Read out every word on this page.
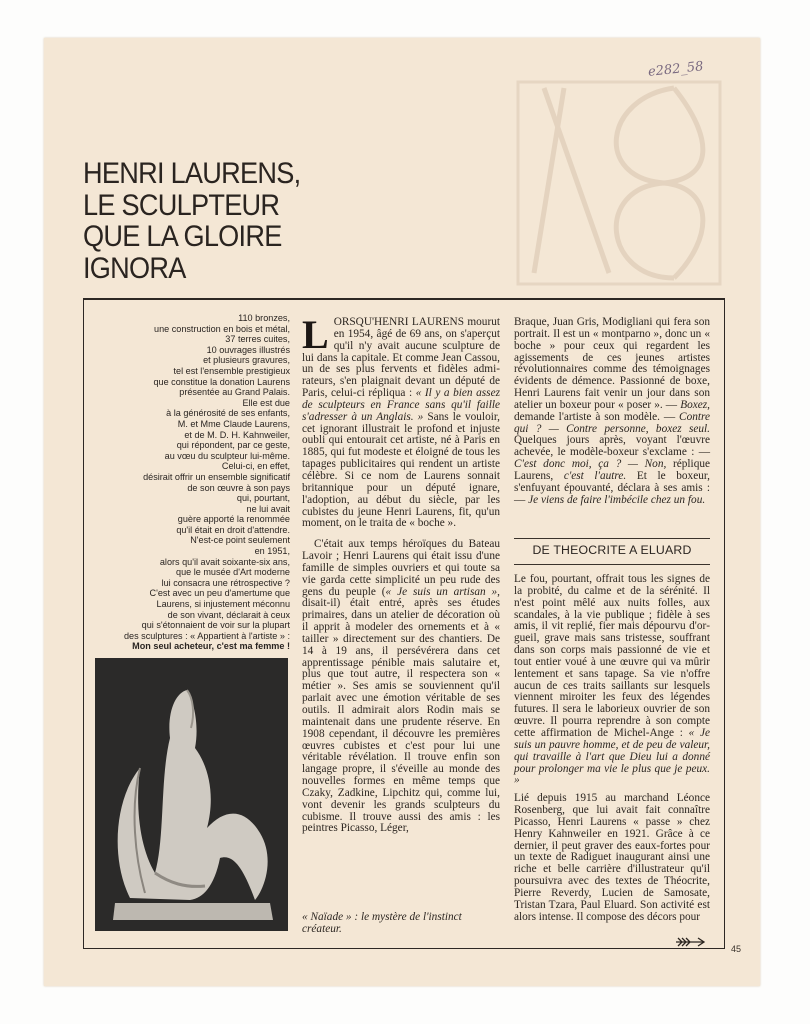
e282_58
HENRI LAURENS,
LE SCULPTEUR
QUE LA GLOIRE
IGNORA
110 bronzes,
une construction en bois et métal,
37 terres cuites,
10 ouvrages illustrés
et plusieurs gravures,
tel est l'ensemble prestigieux
que constitue la donation Laurens
présentée au Grand Palais.
Elle est due
à la générosité de ses enfants,
M. et Mme Claude Laurens,
et de M. D. H. Kahnweiler,
qui répondent, par ce geste,
au vœu du sculpteur lui-même.
Celui-ci, en effet,
désirait offrir un ensemble significatif
de son œuvre à son pays
qui, pourtant,
ne lui avait
guère apporté la renommée
qu'il était en droit d'attendre.
N'est-ce point seulement
en 1951,
alors qu'il avait soixante-six ans,
que le musée d'Art moderne
lui consacra une rétrospective ?
C'est avec un peu d'amertume que
Laurens, si injustement méconnu
de son vivant, déclarait à ceux
qui s'étonnaient de voir sur la plupart
des sculptures : « Appartient à l'artiste » :
Mon seul acheteur, c'est ma femme !

L ORSQU'HENRI LAURENS mourut en 1954, âgé de 69 ans, on s'aperçut qu'il n'y avait aucune sculpture de lui dans la capitale. Et comme Jean Cassou, un de ses plus fervents et fidèles admirateurs, s'en plaignait devant un député de Paris, celui-ci répliqua : « Il y a bien assez de sculpteurs en France sans qu'il faille s'adresser à un Anglais. » Sans le vouloir, cet ignorant illustrait le profond et injuste oubli qui entourait cet artiste, né à Paris en 1885, qui fut modeste et éloigné de tous les tapages publicitaires qui rendent un artiste célèbre. Si ce nom de Laurens sonnait britannique pour un député ignare, l'adoption, au début du siècle, par les cubistes du jeune Henri Laurens, fit, qu'un moment, on le traita de « boche ».

C'était aux temps héroïques du Bateau Lavoir ; Henri Laurens qui était issu d'une famille de simples ouvriers et qui toute sa vie garda cette simplicité un peu rude des gens du peuple (« Je suis un artisan », disait-il) était entré, après ses études primaires, dans un atelier de décoration où il apprit à modeler des ornements et à « tailler » directement sur des chantiers. De 14 à 19 ans, il persévérera dans cet apprentissage pénible mais salutaire et, plus que tout autre, il respectera son « métier ». Ses amis se souviennent qu'il parlait avec une émotion véritable de ses outils. Il admirait alors Rodin mais se maintenait dans une prudente réserve. En 1908 cependant, il découvre les premières œuvres cubistes et c'est pour lui une véritable révélation. Il trouve enfin son langage propre, il s'éveille au monde des nouvelles formes en même temps que Czaky, Zadkine, Lipchitz qui, comme lui, vont devenir les grands sculpteurs du cubisme. Il trouve aussi des amis : les peintres Picasso, Léger,

« Naïade » : le mystère de l'instinct créateur.

Braque, Juan Gris, Modigliani qui fera son portrait. Il est un « montparno », donc un « boche » pour ceux qui regardent les agissements de ces jeunes artistes révolutionnaires comme des témoignages évidents de démence. Passionné de boxe, Henri Laurens fait venir un jour dans son atelier un boxeur pour « poser ». — Boxez, demande l'artiste à son modèle. — Contre qui ? — Contre personne, boxez seul. Quelques jours après, voyant l'œuvre achevée, le modèle-boxeur s'exclame : — C'est donc moi, ça ? — Non, réplique Laurens, c'est l'autre. Et le boxeur, s'enfuyant épouvanté, déclara à ses amis : — Je viens de faire l'imbécile chez un fou.

DE THEOCRITE A ELUARD

Le fou, pourtant, offrait tous les signes de la probité, du calme et de la sérénité. Il n'est point mêlé aux nuits folles, aux scandales, à la vie publique ; fidèle à ses amis, il vit replié, fier mais dépourvu d'orgueil, grave mais sans tristesse, souffrant dans son corps mais passionné de vie et tout entier voué à une œuvre qui va mûrir lentement et sans tapage. Sa vie n'offre aucun de ces traits saillants sur lesquels viennent miroiter les feux des légendes futures. Il sera le laborieux ouvrier de son œuvre. Il pourra reprendre à son compte cette affirmation de Michel-Ange : « Je suis un pauvre homme, et de peu de valeur, qui travaille à l'art que Dieu lui a donné pour prolonger ma vie le plus que je peux. »

Lié depuis 1915 au marchand Léonce Rosenberg, que lui avait fait connaître Picasso, Henri Laurens « passe » chez Henry Kahnweiler en 1921. Grâce à ce dernier, il peut graver des eaux-fortes pour un texte de Radiguet inaugurant ainsi une riche et belle carrière d'illustrateur qu'il poursuivra avec des textes de Théocrite, Pierre Reverdy, Lucien de Samosate, Tristan Tzara, Paul Eluard. Son activité est alors intense. Il compose des décors pour

45
